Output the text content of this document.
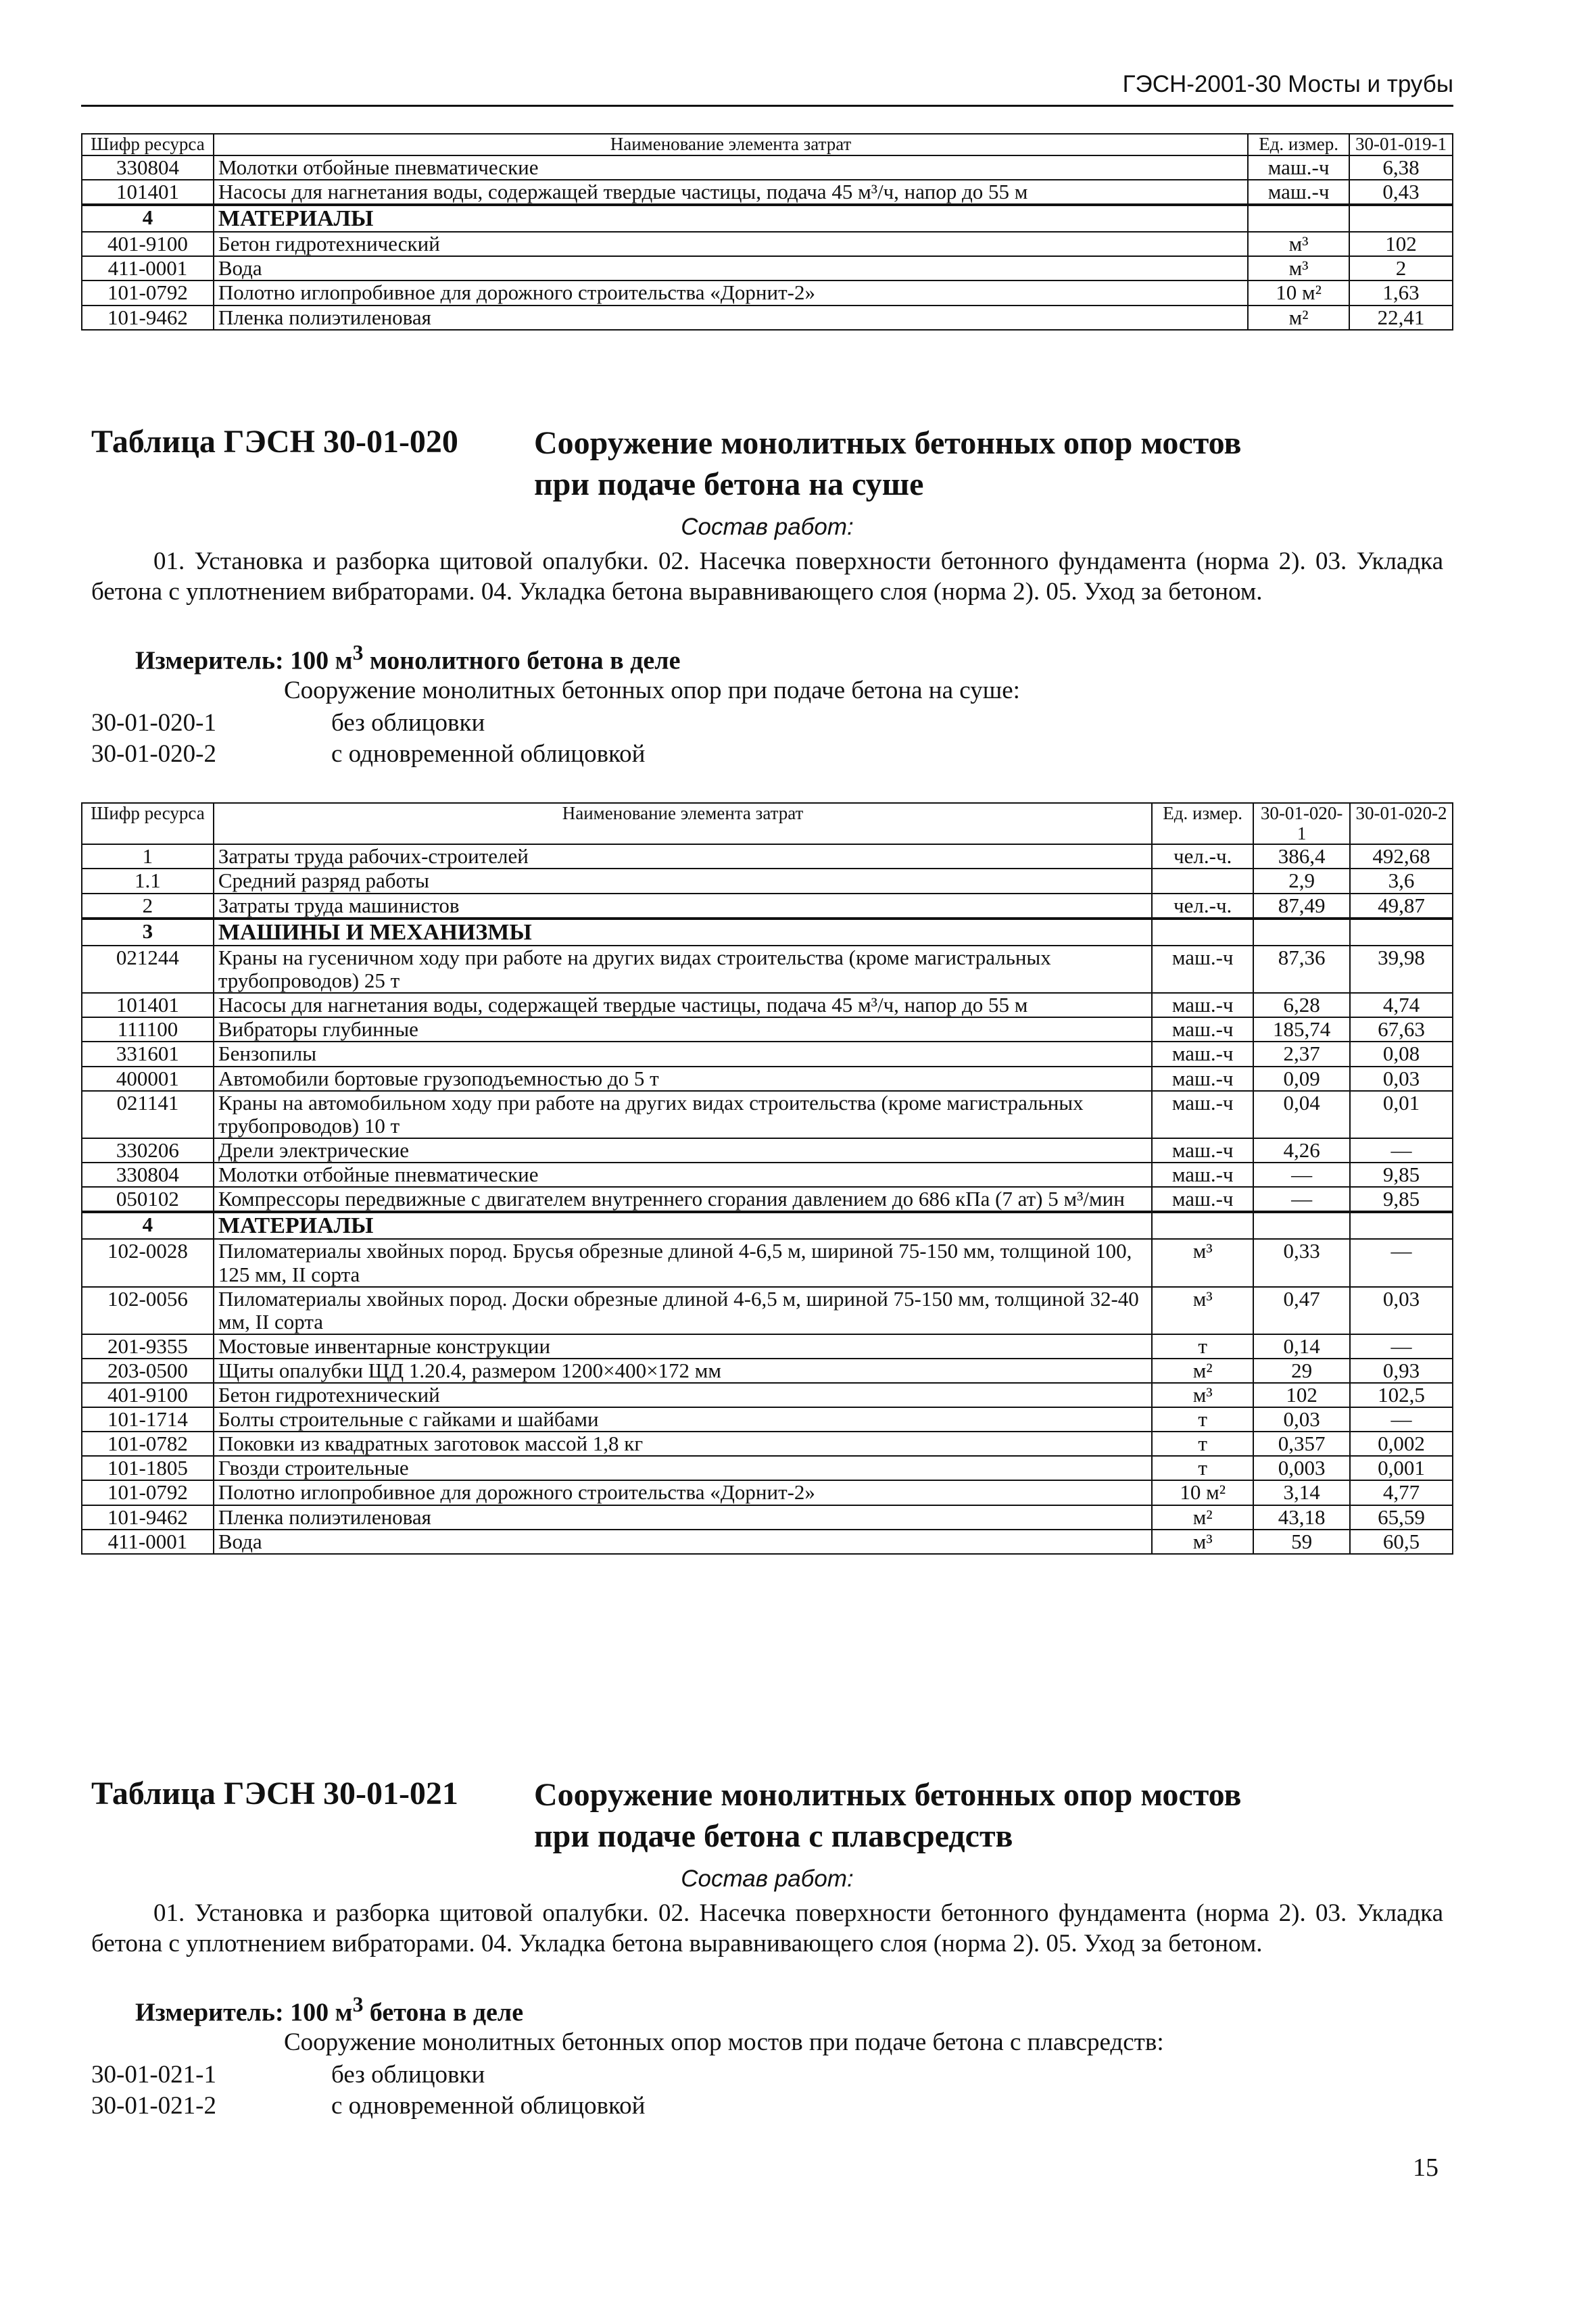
ГЭСН-2001-30 Мосты и трубы
Шифр ресурса	Наименование элемента затрат	Ед. измер.	30-01-019-1
330804	Молотки отбойные пневматические	маш.-ч	6,38
101401	Насосы для нагнетания воды, содержащей твердые частицы, подача 45 м³/ч, напор до 55 м	маш.-ч	0,43
4	МАТЕРИАЛЫ		
401-9100	Бетон гидротехнический	м³	102
411-0001	Вода	м³	2
101-0792	Полотно иглопробивное для дорожного строительства «Дорнит-2»	10 м²	1,63
101-9462	Пленка полиэтиленовая	м²	22,41
Таблица ГЭСН 30-01-020 Сооружение монолитных бетонных опор мостов
при подаче бетона на суше
Состав работ:
01. Установка и разборка щитовой опалубки. 02. Насечка поверхности бетонного фундамента (норма 2). 03. Укладка бетона с уплотнением вибраторами. 04. Укладка бетона выравнивающего слоя (норма 2). 05. Уход за бетоном.
Измеритель: 100 $м^3$ монолитного бетона в деле
Сооружение монолитных бетонных опор при подаче бетона на суше:
30-01-020-1	без облицовки
30-01-020-2	с одновременной облицовкой
Шифр ресурса	Наименование элемента затрат	Ед. измер.	30-01-020-1	30-01-020-2
1	Затраты труда рабочих-строителей	чел.-ч.	386,4	492,68
1.1	Средний разряд работы		2,9	3,6
2	Затраты труда машинистов	чел.-ч.	87,49	49,87
3	МАШИНЫ И МЕХАНИЗМЫ			
021244	Краны на гусеничном ходу при работе на других видах строительства (кроме магистральных трубопроводов) 25 т	маш.-ч	87,36	39,98
101401	Насосы для нагнетания воды, содержащей твердые частицы, подача 45 м³/ч, напор до 55 м	маш.-ч	6,28	4,74
111100	Вибраторы глубинные	маш.-ч	185,74	67,63
331601	Бензопилы	маш.-ч	2,37	0,08
400001	Автомобили бортовые грузоподъемностью до 5 т	маш.-ч	0,09	0,03
021141	Краны на автомобильном ходу при работе на других видах строительства (кроме магистральных трубопроводов) 10 т	маш.-ч	0,04	0,01
330206	Дрели электрические	маш.-ч	4,26	—
330804	Молотки отбойные пневматические	маш.-ч	—	9,85
050102	Компрессоры передвижные с двигателем внутреннего сгорания давлением до 686 кПа (7 ат) 5 м³/мин	маш.-ч	—	9,85
4	МАТЕРИАЛЫ			
102-0028	Пиломатериалы хвойных пород. Брусья обрезные длиной 4-6,5 м, шириной 75-150 мм, толщиной 100, 125 мм, II сорта	м³	0,33	—
102-0056	Пиломатериалы хвойных пород. Доски обрезные длиной 4-6,5 м, шириной 75-150 мм, толщиной 32-40 мм, II сорта	м³	0,47	0,03
201-9355	Мостовые инвентарные конструкции	т	0,14	—
203-0500	Щиты опалубки ЩД 1.20.4, размером 1200×400×172 мм	м²	29	0,93
401-9100	Бетон гидротехнический	м³	102	102,5
101-1714	Болты строительные с гайками и шайбами	т	0,03	—
101-0782	Поковки из квадратных заготовок массой 1,8 кг	т	0,357	0,002
101-1805	Гвозди строительные	т	0,003	0,001
101-0792	Полотно иглопробивное для дорожного строительства «Дорнит-2»	10 м²	3,14	4,77
101-9462	Пленка полиэтиленовая	м²	43,18	65,59
411-0001	Вода	м³	59	60,5
Таблица ГЭСН 30-01-021 Сооружение монолитных бетонных опор мостов
при подаче бетона с плавсредств
Состав работ:
01. Установка и разборка щитовой опалубки. 02. Насечка поверхности бетонного фундамента (норма 2). 03. Укладка бетона с уплотнением вибраторами. 04. Укладка бетона выравнивающего слоя (норма 2). 05. Уход за бетоном.
Измеритель: 100 $м^3$ бетона в деле
Сооружение монолитных бетонных опор мостов при подаче бетона с плавсредств:
30-01-021-1	без облицовки
30-01-021-2	с одновременной облицовкой
15
